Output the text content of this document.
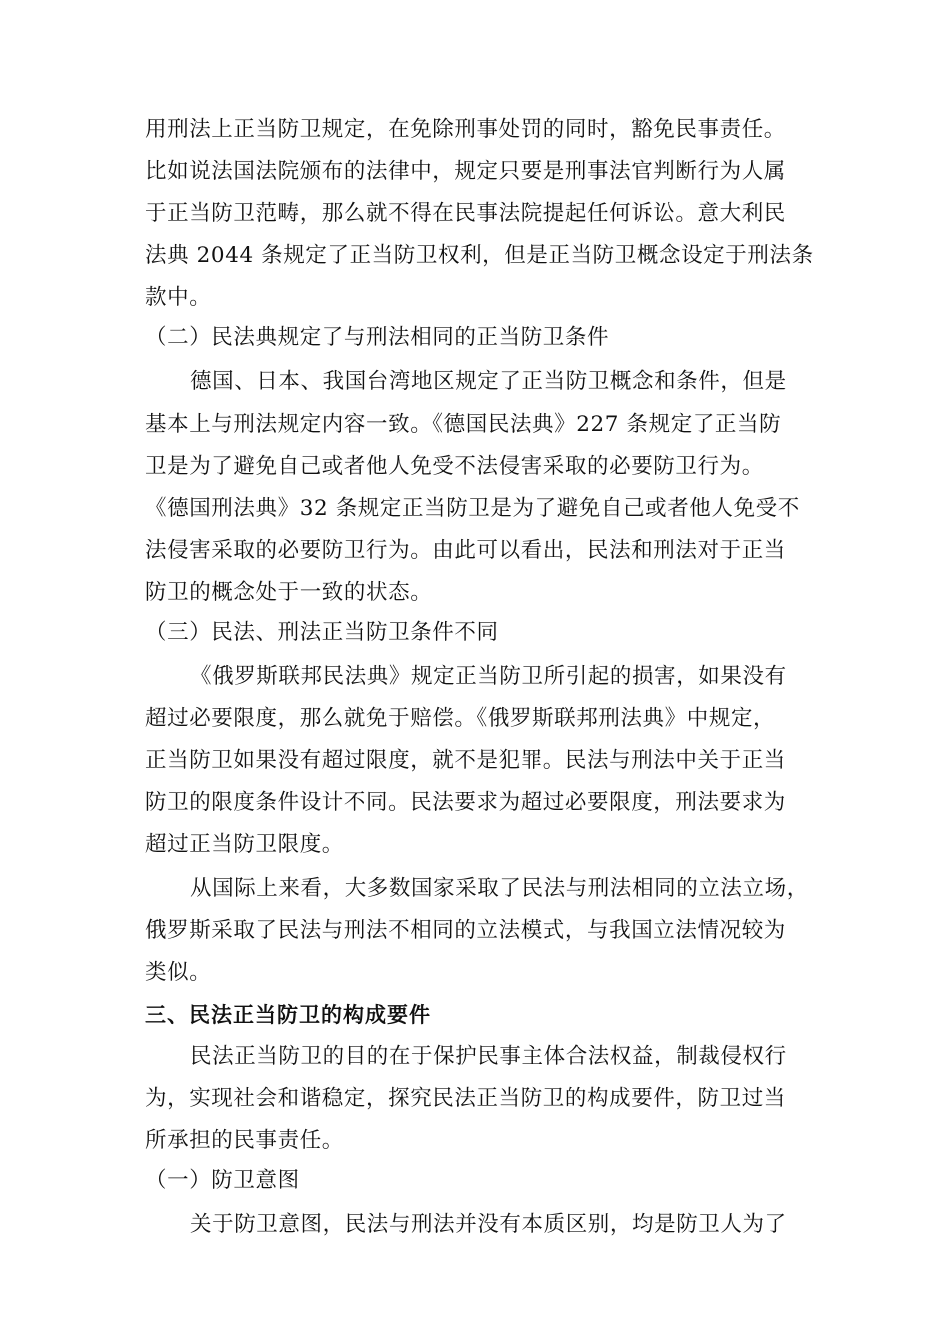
用刑法上正当防卫规定，在免除刑事处罚的同时，豁免民事责任。
比如说法国法院颁布的法律中，规定只要是刑事法官判断行为人属
于正当防卫范畴，那么就不得在民事法院提起任何诉讼。意大利民
法典 2044 条规定了正当防卫权利，但是正当防卫概念设定于刑法条
款中。
（二）民法典规定了与刑法相同的正当防卫条件
德国、日本、我国台湾地区规定了正当防卫概念和条件，但是
基本上与刑法规定内容一致。《德国民法典》227 条规定了正当防
卫是为了避免自己或者他人免受不法侵害采取的必要防卫行为。
《德国刑法典》32 条规定正当防卫是为了避免自己或者他人免受不
法侵害采取的必要防卫行为。由此可以看出，民法和刑法对于正当
防卫的概念处于一致的状态。
（三）民法、刑法正当防卫条件不同
《俄罗斯联邦民法典》规定正当防卫所引起的损害，如果没有
超过必要限度，那么就免于赔偿。《俄罗斯联邦刑法典》中规定，
正当防卫如果没有超过限度，就不是犯罪。民法与刑法中关于正当
防卫的限度条件设计不同。民法要求为超过必要限度，刑法要求为
超过正当防卫限度。
从国际上来看，大多数国家采取了民法与刑法相同的立法立场，
俄罗斯采取了民法与刑法不相同的立法模式，与我国立法情况较为
类似。
三、民法正当防卫的构成要件
民法正当防卫的目的在于保护民事主体合法权益，制裁侵权行
为，实现社会和谐稳定，探究民法正当防卫的构成要件，防卫过当
所承担的民事责任。
（一）防卫意图
关于防卫意图，民法与刑法并没有本质区别，均是防卫人为了
